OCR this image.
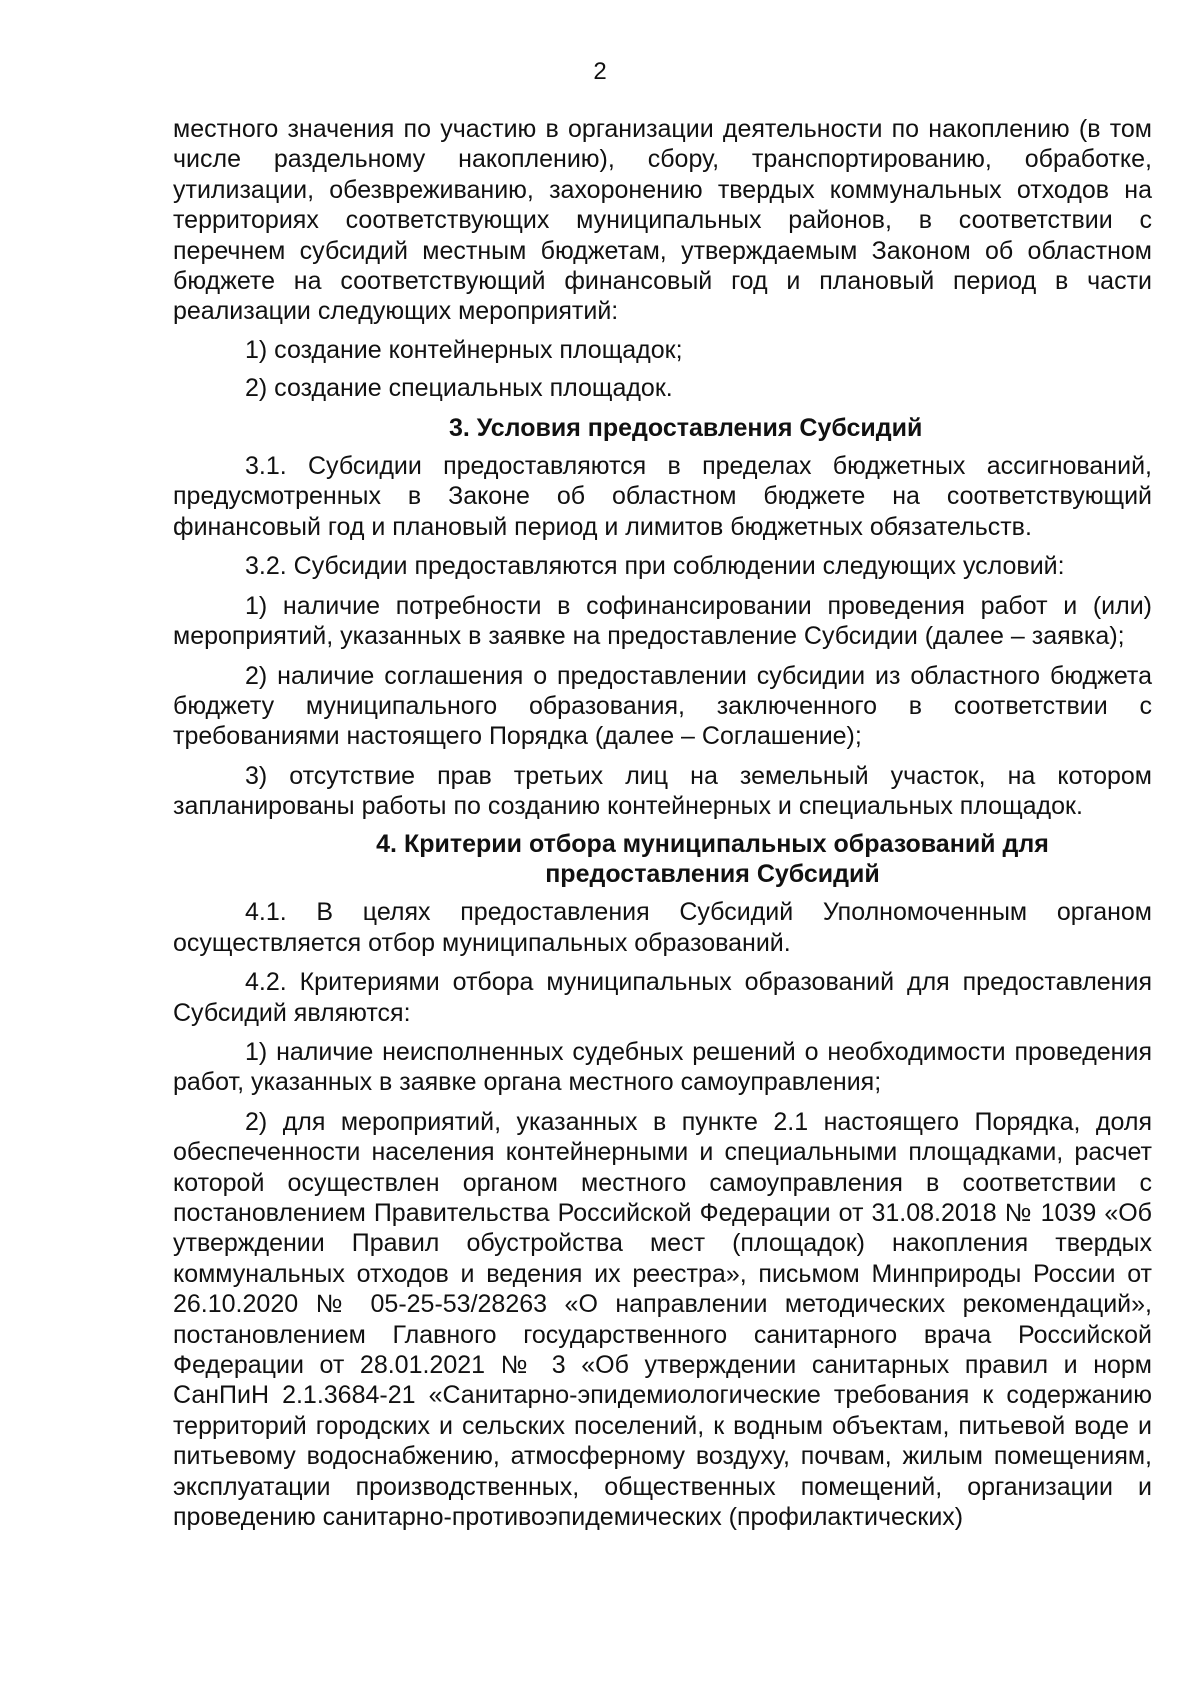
2

местного значения по участию в организации деятельности по накоплению (в том числе раздельному накоплению), сбору, транспортированию, обработке, утилизации, обезвреживанию, захоронению твердых коммунальных отходов на территориях соответствующих муниципальных районов, в соответствии с перечнем субсидий местным бюджетам, утверждаемым Законом об областном бюджете на соответствующий финансовый год и плановый период в части реализации следующих мероприятий:

1) создание контейнерных площадок;

2) создание специальных площадок.

3. Условия предоставления Субсидий

3.1. Субсидии предоставляются в пределах бюджетных ассигнований, предусмотренных в Законе об областном бюджете на соответствующий финансовый год и плановый период и лимитов бюджетных обязательств.

3.2. Субсидии предоставляются при соблюдении следующих условий:

1) наличие потребности в софинансировании проведения работ и (или) мероприятий, указанных в заявке на предоставление Субсидии (далее – заявка);

2) наличие соглашения о предоставлении субсидии из областного бюджета бюджету муниципального образования, заключенного в соответствии с требованиями настоящего Порядка (далее – Соглашение);

3) отсутствие прав третьих лиц на земельный участок, на котором запланированы работы по созданию контейнерных и специальных площадок.

4. Критерии отбора муниципальных образований для
предоставления Субсидий

4.1. В целях предоставления Субсидий Уполномоченным органом осуществляется отбор муниципальных образований.

4.2. Критериями отбора муниципальных образований для предоставления Субсидий являются:

1) наличие неисполненных судебных решений о необходимости проведения работ, указанных в заявке органа местного самоуправления;

2) для мероприятий, указанных в пункте 2.1 настоящего Порядка, доля обеспеченности населения контейнерными и специальными площадками, расчет которой осуществлен органом местного самоуправления в соответствии с постановлением Правительства Российской Федерации от 31.08.2018 № 1039 «Об утверждении Правил обустройства мест (площадок) накопления твердых коммунальных отходов и ведения их реестра», письмом Минприроды России от 26.10.2020 № 05-25-53/28263 «О направлении методических рекомендаций», постановлением Главного государственного санитарного врача Российской Федерации от 28.01.2021 № 3 «Об утверждении санитарных правил и норм СанПиН 2.1.3684-21 «Санитарно-эпидемиологические требования к содержанию территорий городских и сельских поселений, к водным объектам, питьевой воде и питьевому водоснабжению, атмосферному воздуху, почвам, жилым помещениям, эксплуатации производственных, общественных помещений, организации и проведению санитарно-противоэпидемических (профилактических)
